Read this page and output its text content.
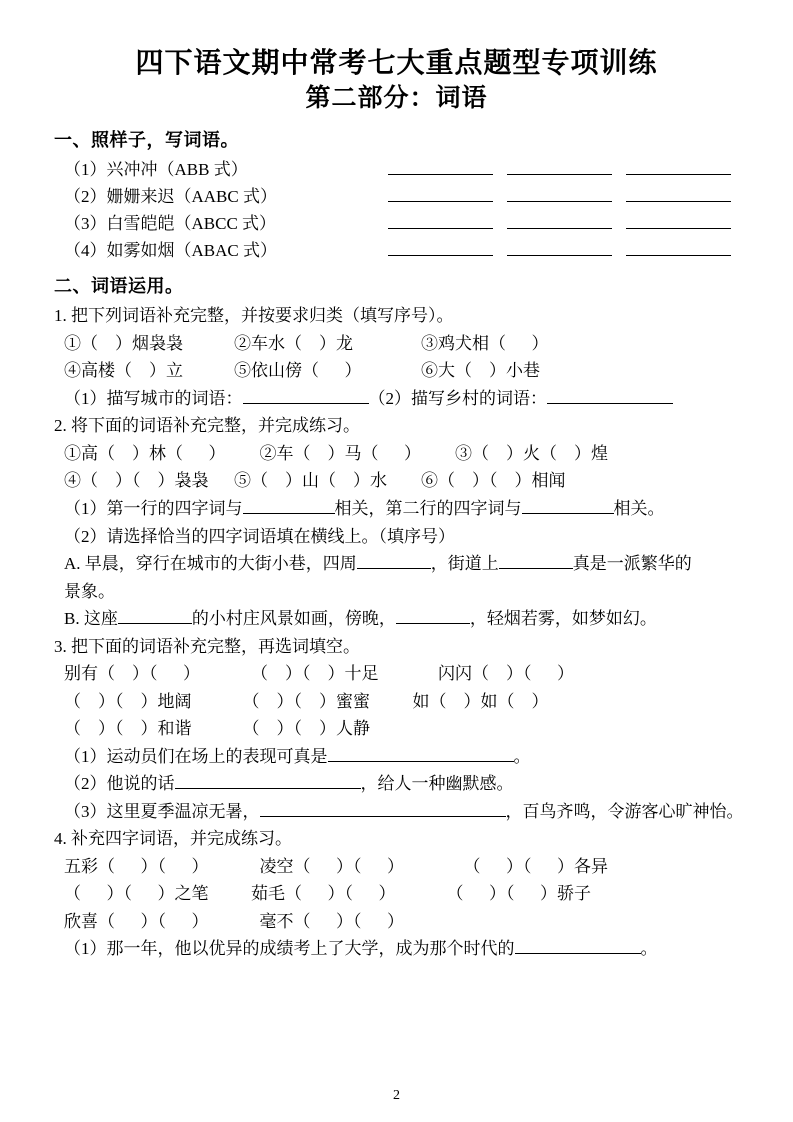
四下语文期中常考七大重点题型专项训练
第二部分：词语
一、照样子，写词语。
（1）兴冲冲（ABB 式）
（2）姗姗来迟（AABC 式）
（3）白雪皑皑（ABCC 式）
（4）如雾如烟（ABAC 式）
二、词语运用。
1. 把下列词语补充完整，并按要求归类（填写序号）。
①（    ）烟袅袅            ②车水（    ）龙                ③鸡犬相（      ）
④高楼（    ）立            ⑤依山傍（      ）              ⑥大（    ）小巷
（1）描写城市的词语：	（2）描写乡村的词语：
2. 将下面的词语补充完整，并完成练习。
①高（    ）林（      ）        ②车（    ）马（      ）        ③（    ）火（    ）煌
④（    ）（    ）袅袅      ⑤（    ）山（    ）水        ⑥（    ）（    ）相闻
（1）第一行的四字词与	相关，第二行的四字词与	相关。
（2）请选择恰当的四字词语填在横线上。（填序号）
A. 早晨，穿行在城市的大街小巷，四周	，街道上	真是一派繁华的
景象。
B. 这座	的小村庄风景如画，傍晚，	，轻烟若雾，如梦如幻。
3. 把下面的词语补充完整，再选词填空。
别有（    ）（      ）            （    ）（    ）十足              闪闪（    ）（      ）
（    ）（    ）地阔            （    ）（    ）蜜蜜          如（    ）如（    ）
（    ）（    ）和谐            （    ）（    ）人静
（1）运动员们在场上的表现可真是	。
（2）他说的话	，给人一种幽默感。
（3）这里夏季温凉无暑，	，百鸟齐鸣，令游客心旷神怡。
4. 补充四字词语，并完成练习。
五彩（      ）（      ）            凌空（      ）（      ）              （      ）（      ）各异
（      ）（      ）之笔          茹毛（      ）（      ）            （      ）（      ）骄子
欣喜（      ）（      ）            毫不（      ）（      ）
（1）那一年，他以优异的成绩考上了大学，成为那个时代的	。
2
